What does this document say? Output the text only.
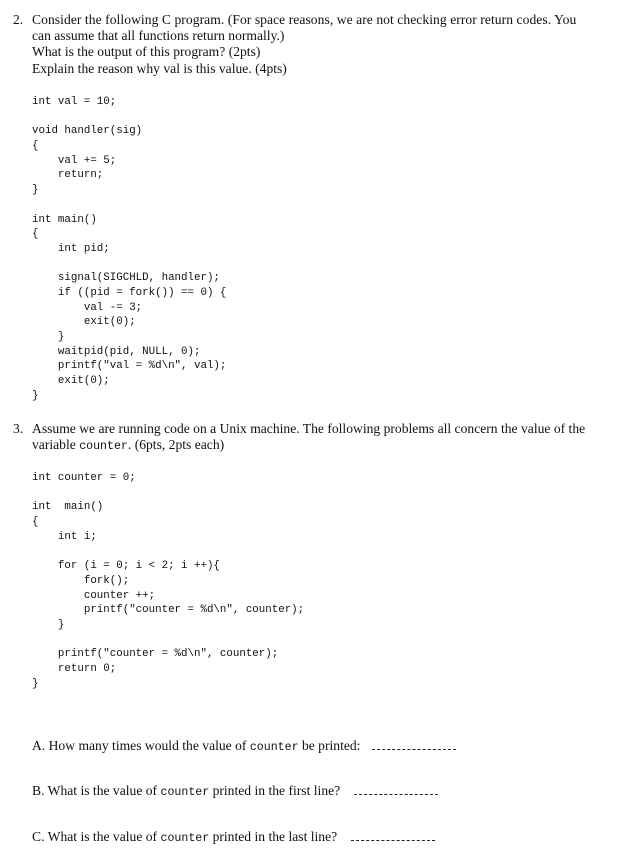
2. Consider the following C program. (For space reasons, we are not checking error return codes. You
can assume that all functions return normally.)
What is the output of this program? (2pts)
Explain the reason why val is this value. (4pts)
int val = 10;
void handler(sig)
{
val += 5;
return;
}
int main()
{
int pid;
signal(SIGCHLD, handler);
if ((pid = fork()) == 0) {
val -= 3;
exit(0);
}
waitpid(pid, NULL, 0);
printf("val = %d\n", val);
exit(0);
}
3. Assume we are running code on a Unix machine. The following problems all concern the value of the
variable counter. (6pts, 2pts each)
int counter = 0;
int  main()
{
int i;
for (i = 0; i < 2; i ++){
fork();
counter ++;
printf("counter = %d\n", counter);
}
printf("counter = %d\n", counter);
return 0;
}
A. How many times would the value of counter be printed:
B. What is the value of counter printed in the first line?
C. What is the value of counter printed in the last line?
